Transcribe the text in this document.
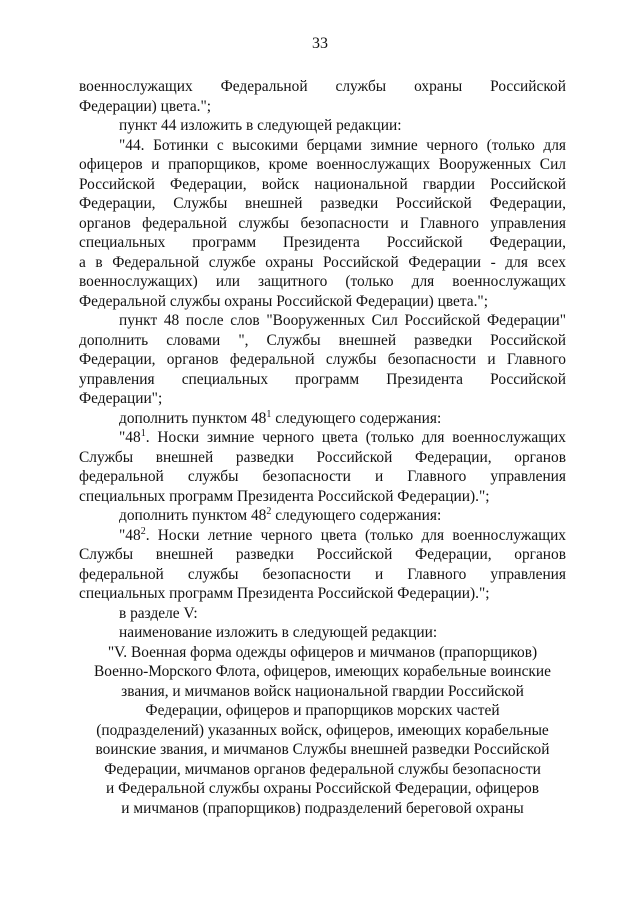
33
военнослужащих Федеральной службы охраны Российской
Федерации) цвета.";
пункт 44 изложить в следующей редакции:
"44. Ботинки с высокими берцами зимние черного (только для
офицеров и прапорщиков, кроме военнослужащих Вооруженных Сил
Российской Федерации, войск национальной гвардии Российской
Федерации, Службы внешней разведки Российской Федерации,
органов федеральной службы безопасности и Главного управления
специальных программ Президента Российской Федерации,
а в Федеральной службе охраны Российской Федерации - для всех
военнослужащих) или защитного (только для военнослужащих
Федеральной службы охраны Российской Федерации) цвета.";
пункт 48 после слов "Вооруженных Сил Российской Федерации"
дополнить словами ", Службы внешней разведки Российской
Федерации, органов федеральной службы безопасности и Главного
управления специальных программ Президента Российской
Федерации";
дополнить пунктом $48^1$ следующего содержания:
"$48^1$. Носки зимние черного цвета (только для военнослужащих
Службы внешней разведки Российской Федерации, органов
федеральной службы безопасности и Главного управления
специальных программ Президента Российской Федерации).";
дополнить пунктом $48^2$ следующего содержания:
"$48^2$. Носки летние черного цвета (только для военнослужащих
Службы внешней разведки Российской Федерации, органов
федеральной службы безопасности и Главного управления
специальных программ Президента Российской Федерации).";
в разделе V:
наименование изложить в следующей редакции:
"V. Военная форма одежды офицеров и мичманов (прапорщиков)
Военно-Морского Флота, офицеров, имеющих корабельные воинские
звания, и мичманов войск национальной гвардии Российской
Федерации, офицеров и прапорщиков морских частей
(подразделений) указанных войск, офицеров, имеющих корабельные
воинские звания, и мичманов Службы внешней разведки Российской
Федерации, мичманов органов федеральной службы безопасности
и Федеральной службы охраны Российской Федерации, офицеров
и мичманов (прапорщиков) подразделений береговой охраны
